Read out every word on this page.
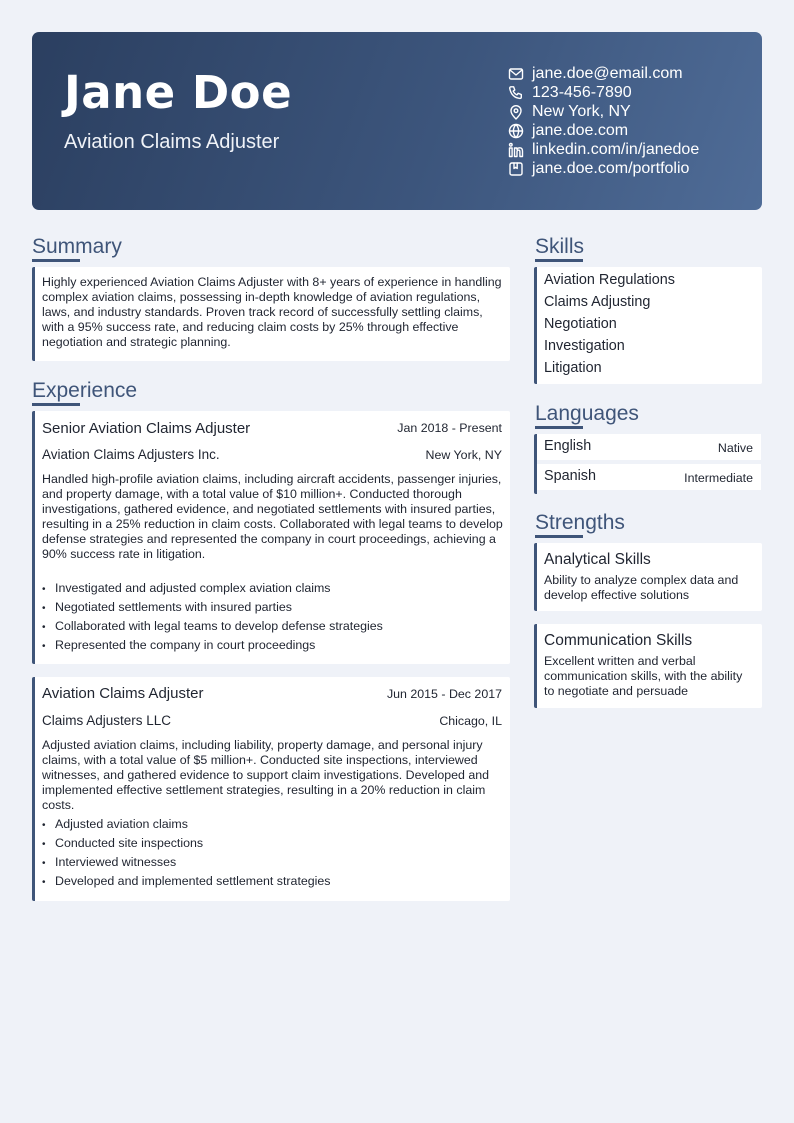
Jane Doe
Aviation Claims Adjuster
jane.doe@email.com
123-456-7890
New York, NY
jane.doe.com
linkedin.com/in/janedoe
jane.doe.com/portfolio
Summary
Highly experienced Aviation Claims Adjuster with 8+ years of experience in handling complex aviation claims, possessing in-depth knowledge of aviation regulations, laws, and industry standards. Proven track record of successfully settling claims, with a 95% success rate, and reducing claim costs by 25% through effective negotiation and strategic planning.
Experience
Senior Aviation Claims Adjuster	Jan 2018 - Present
Aviation Claims Adjusters Inc.	New York, NY
Handled high-profile aviation claims, including aircraft accidents, passenger injuries, and property damage, with a total value of $10 million+. Conducted thorough investigations, gathered evidence, and negotiated settlements with insured parties, resulting in a 25% reduction in claim costs. Collaborated with legal teams to develop defense strategies and represented the company in court proceedings, achieving a 90% success rate in litigation.
• Investigated and adjusted complex aviation claims
• Negotiated settlements with insured parties
• Collaborated with legal teams to develop defense strategies
• Represented the company in court proceedings
Aviation Claims Adjuster	Jun 2015 - Dec 2017
Claims Adjusters LLC	Chicago, IL
Adjusted aviation claims, including liability, property damage, and personal injury claims, with a total value of $5 million+. Conducted site inspections, interviewed witnesses, and gathered evidence to support claim investigations. Developed and implemented effective settlement strategies, resulting in a 20% reduction in claim costs.
• Adjusted aviation claims
• Conducted site inspections
• Interviewed witnesses
• Developed and implemented settlement strategies
Skills
Aviation Regulations
Claims Adjusting
Negotiation
Investigation
Litigation
Languages
English	Native
Spanish	Intermediate
Strengths
Analytical Skills
Ability to analyze complex data and develop effective solutions
Communication Skills
Excellent written and verbal communication skills, with the ability to negotiate and persuade
